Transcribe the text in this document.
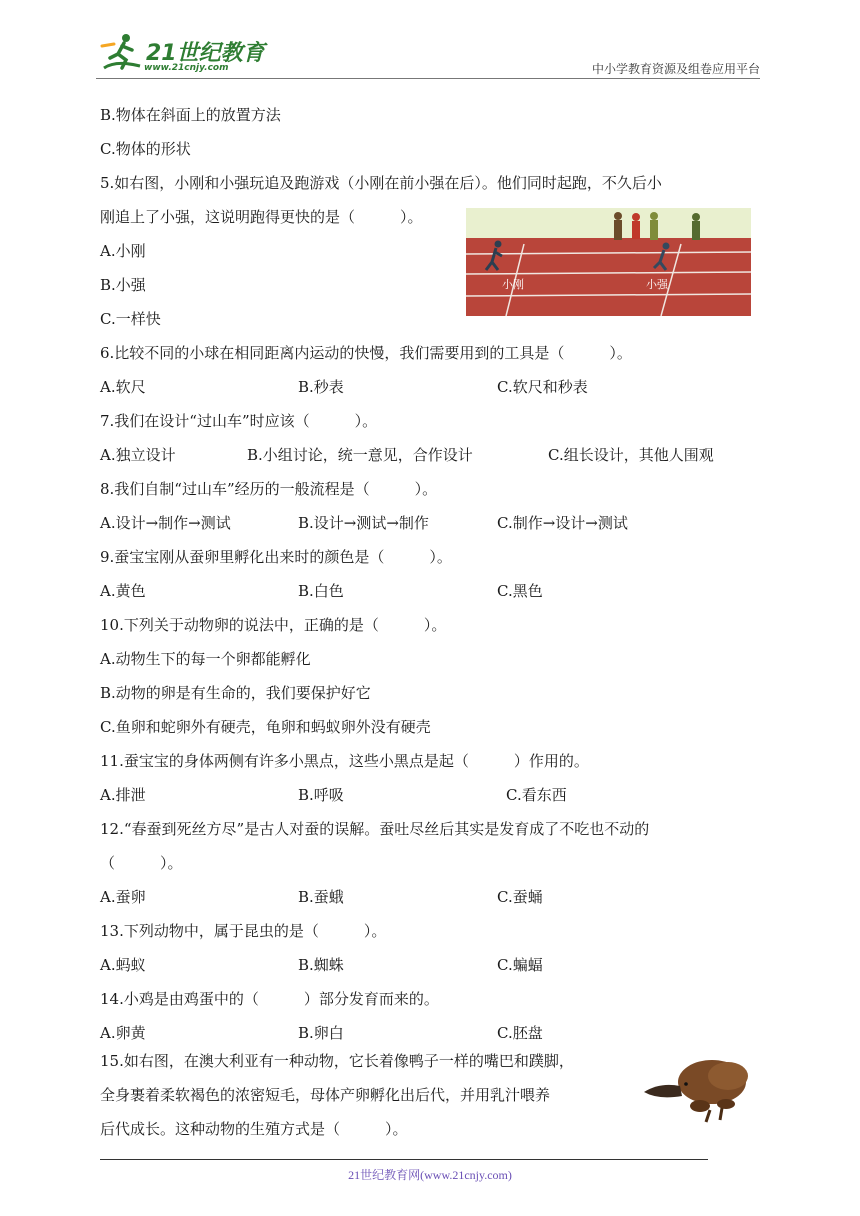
21世纪教育
www.21cnjy.com	中小学教育资源及组卷应用平台
B.物体在斜面上的放置方法
C.物体的形状
5.如右图，小刚和小强玩追及跑游戏（小刚在前小强在后）。他们同时起跑，不久后小
刚追上了小强，这说明跑得更快的是（　　　）。
A.小刚
B.小强
C.一样快
小刚	小强
6.比较不同的小球在相同距离内运动的快慢，我们需要用到的工具是（　　　）。
A.软尺	B.秒表	C.软尺和秒表
7.我们在设计“过山车”时应该（　　　）。
A.独立设计	B.小组讨论，统一意见，合作设计	C.组长设计，其他人围观
8.我们自制“过山车”经历的一般流程是（　　　）。
A.设计→制作→测试	B.设计→测试→制作	C.制作→设计→测试
9.蚕宝宝刚从蚕卵里孵化出来时的颜色是（　　　）。
A.黄色	B.白色	C.黑色
10.下列关于动物卵的说法中，正确的是（　　　）。
A.动物生下的每一个卵都能孵化
B.动物的卵是有生命的，我们要保护好它
C.鱼卵和蛇卵外有硬壳，龟卵和蚂蚁卵外没有硬壳
11.蚕宝宝的身体两侧有许多小黑点，这些小黑点是起（　　　）作用的。
A.排泄	B.呼吸	C.看东西
12.“春蚕到死丝方尽”是古人对蚕的误解。蚕吐尽丝后其实是发育成了不吃也不动的
（　　　）。
A.蚕卵	B.蚕蛾	C.蚕蛹
13.下列动物中，属于昆虫的是（　　　）。
A.蚂蚁	B.蜘蛛	C.蝙蝠
14.小鸡是由鸡蛋中的（　　　）部分发育而来的。
A.卵黄	B.卵白	C.胚盘
15.如右图，在澳大利亚有一种动物，它长着像鸭子一样的嘴巴和蹼脚，
全身裹着柔软褐色的浓密短毛，母体产卵孵化出后代，并用乳汁喂养
后代成长。这种动物的生殖方式是（　　　）。
21世纪教育网(www.21cnjy.com)
